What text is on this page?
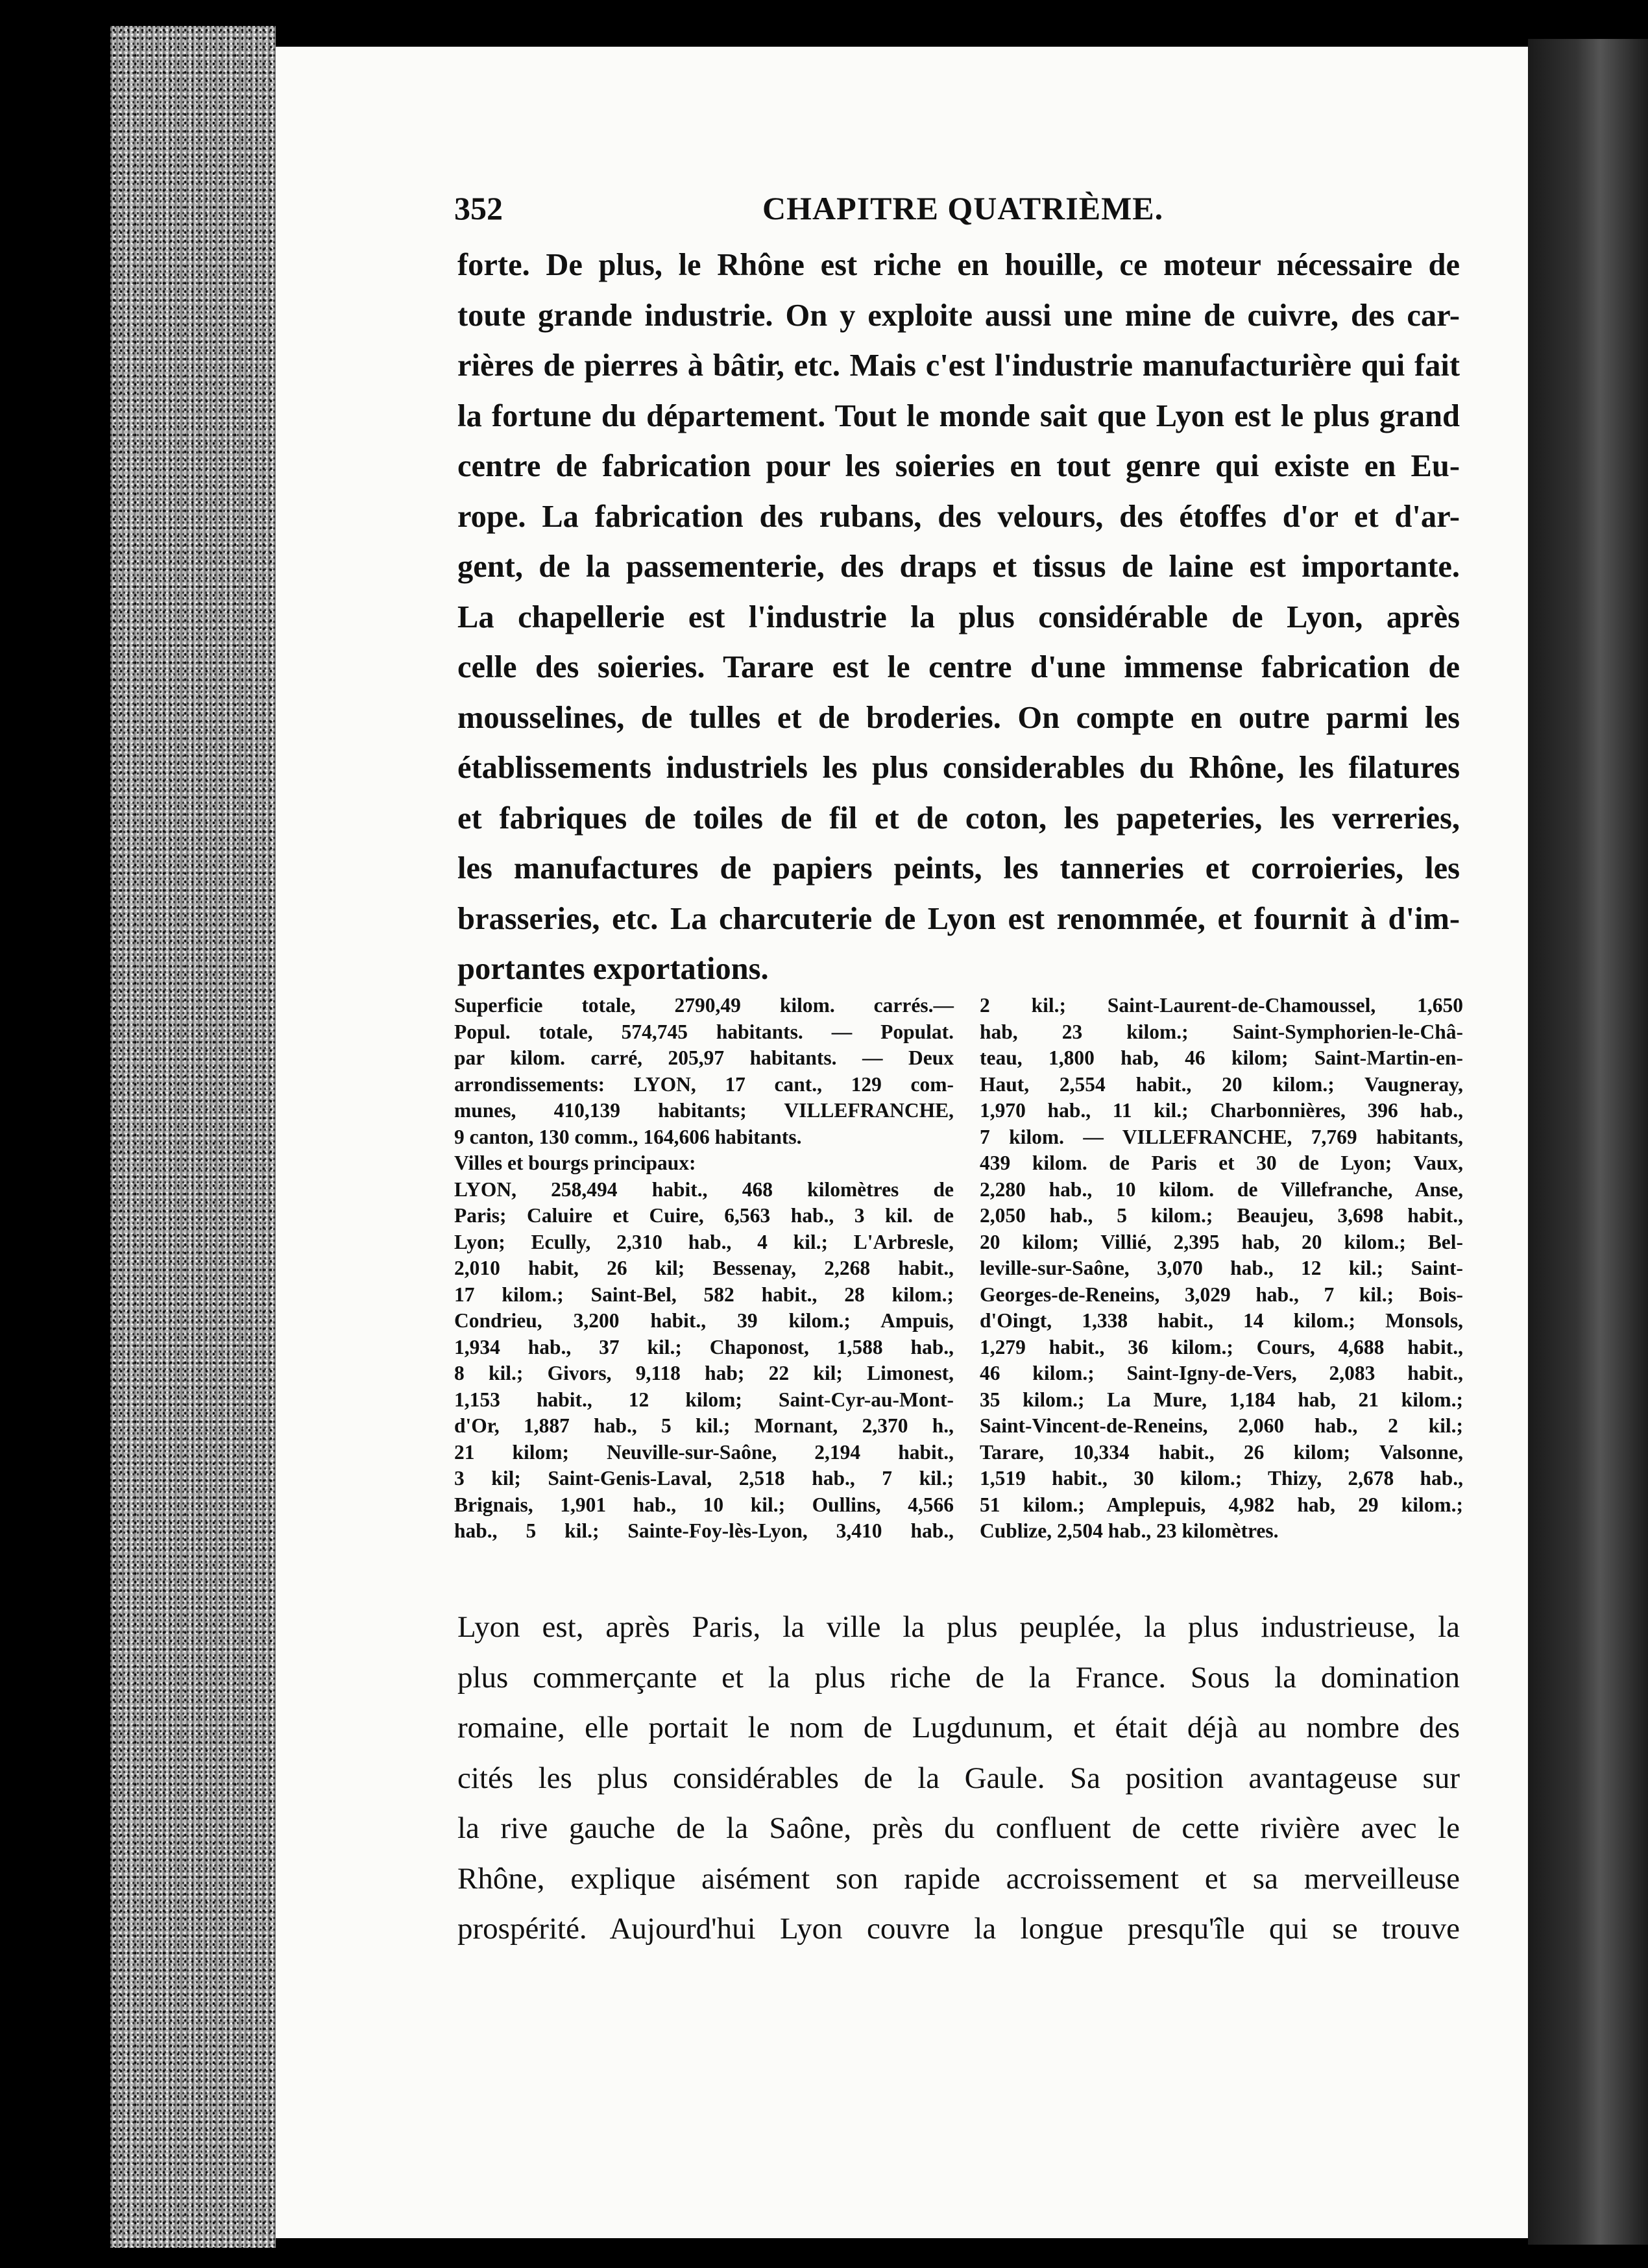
352	CHAPITRE QUATRIÈME.
forte. De plus, le Rhône est riche en houille, ce moteur nécessaire de
toute grande industrie. On y exploite aussi une mine de cuivre, des car-
rières de pierres à bâtir, etc. Mais c'est l'industrie manufacturière qui fait
la fortune du département. Tout le monde sait que Lyon est le plus grand
centre de fabrication pour les soieries en tout genre qui existe en Eu-
rope. La fabrication des rubans, des velours, des étoffes d'or et d'ar-
gent, de la passementerie, des draps et tissus de laine est importante.
La chapellerie est l'industrie la plus considérable de Lyon, après
celle des soieries. Tarare est le centre d'une immense fabrication de
mousselines, de tulles et de broderies. On compte en outre parmi les
établissements industriels les plus considerables du Rhône, les filatures
et fabriques de toiles de fil et de coton, les papeteries, les verreries,
les manufactures de papiers peints, les tanneries et corroieries, les
brasseries, etc. La charcuterie de Lyon est renommée, et fournit à d'im-
portantes exportations.
Superficie totale, 2790,49 kilom. carrés.—
Popul. totale, 574,745 habitants. — Populat.
par kilom. carré, 205,97 habitants. — Deux
arrondissements: LYON, 17 cant., 129 com-
munes, 410,139 habitants; VILLEFRANCHE,
9 canton, 130 comm., 164,606 habitants.
Villes et bourgs principaux:
LYON, 258,494 habit., 468 kilomètres de
Paris; Caluire et Cuire, 6,563 hab., 3 kil. de
Lyon; Ecully, 2,310 hab., 4 kil.; L'Arbresle,
2,010 habit, 26 kil; Bessenay, 2,268 habit.,
17 kilom.; Saint-Bel, 582 habit., 28 kilom.;
Condrieu, 3,200 habit., 39 kilom.; Ampuis,
1,934 hab., 37 kil.; Chaponost, 1,588 hab.,
8 kil.; Givors, 9,118 hab; 22 kil; Limonest,
1,153 habit., 12 kilom; Saint-Cyr-au-Mont-
d'Or, 1,887 hab., 5 kil.; Mornant, 2,370 h.,
21 kilom; Neuville-sur-Saône, 2,194 habit.,
3 kil; Saint-Genis-Laval, 2,518 hab., 7 kil.;
Brignais, 1,901 hab., 10 kil.; Oullins, 4,566
hab., 5 kil.; Sainte-Foy-lès-Lyon, 3,410 hab.,
2 kil.; Saint-Laurent-de-Chamoussel, 1,650
hab, 23 kilom.; Saint-Symphorien-le-Châ-
teau, 1,800 hab, 46 kilom; Saint-Martin-en-
Haut, 2,554 habit., 20 kilom.; Vaugneray,
1,970 hab., 11 kil.; Charbonnières, 396 hab.,
7 kilom. — VILLEFRANCHE, 7,769 habitants,
439 kilom. de Paris et 30 de Lyon; Vaux,
2,280 hab., 10 kilom. de Villefranche, Anse,
2,050 hab., 5 kilom.; Beaujeu, 3,698 habit.,
20 kilom; Villié, 2,395 hab, 20 kilom.; Bel-
leville-sur-Saône, 3,070 hab., 12 kil.; Saint-
Georges-de-Reneins, 3,029 hab., 7 kil.; Bois-
d'Oingt, 1,338 habit., 14 kilom.; Monsols,
1,279 habit., 36 kilom.; Cours, 4,688 habit.,
46 kilom.; Saint-Igny-de-Vers, 2,083 habit.,
35 kilom.; La Mure, 1,184 hab, 21 kilom.;
Saint-Vincent-de-Reneins, 2,060 hab., 2 kil.;
Tarare, 10,334 habit., 26 kilom; Valsonne,
1,519 habit., 30 kilom.; Thizy, 2,678 hab.,
51 kilom.; Amplepuis, 4,982 hab, 29 kilom.;
Cublize, 2,504 hab., 23 kilomètres.
Lyon est, après Paris, la ville la plus peuplée, la plus industrieuse, la
plus commerçante et la plus riche de la France. Sous la domination
romaine, elle portait le nom de Lugdunum, et était déjà au nombre des
cités les plus considérables de la Gaule. Sa position avantageuse sur
la rive gauche de la Saône, près du confluent de cette rivière avec le
Rhône, explique aisément son rapide accroissement et sa merveilleuse
prospérité. Aujourd'hui Lyon couvre la longue presqu'île qui se trouve
